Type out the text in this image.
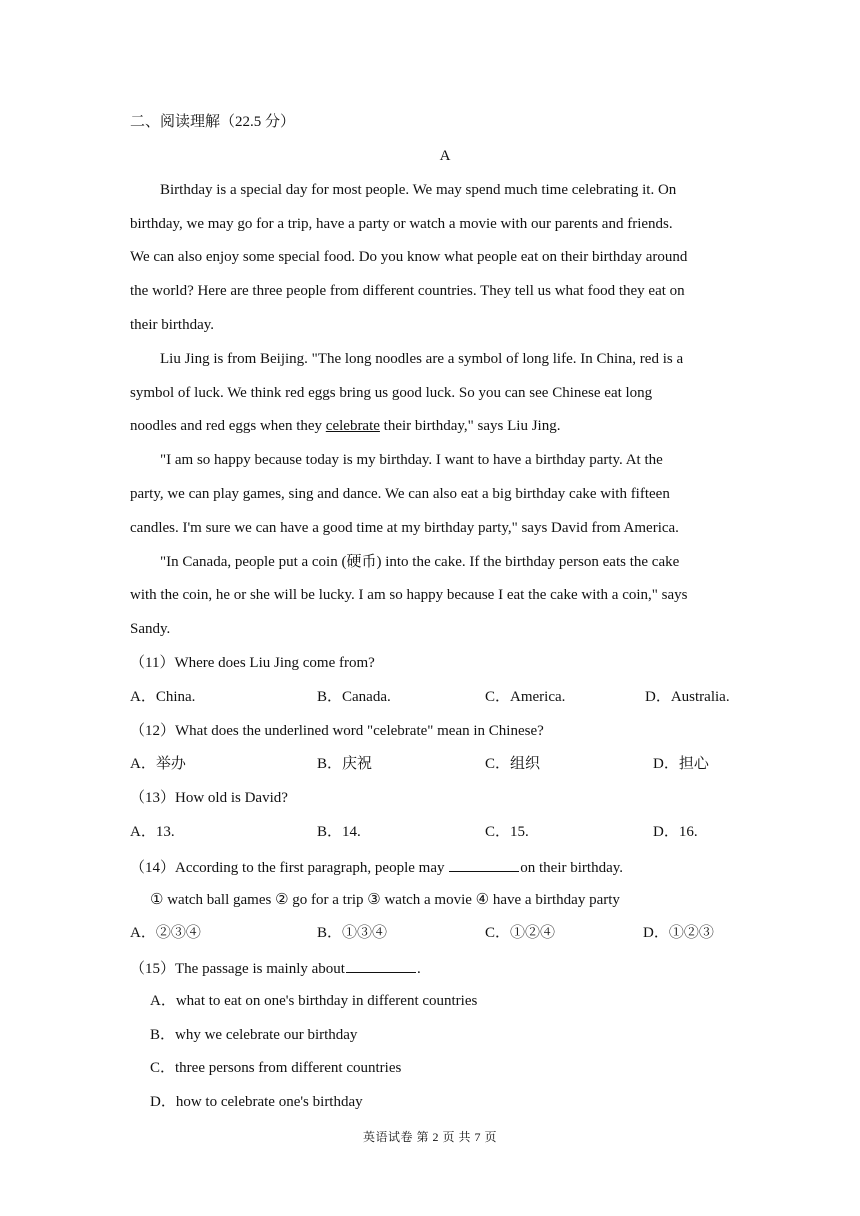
二、阅读理解（22.5 分）
A
Birthday is a special day for most people. We may spend much time celebrating it. On
birthday, we may go for a trip, have a party or watch a movie with our parents and friends.
We can also enjoy some special food. Do you know what people eat on their birthday around
the world? Here are three people from different countries. They tell us what food they eat on
their birthday.
Liu Jing is from Beijing. "The long noodles are a symbol of long life. In China, red is a
symbol of luck. We think red eggs bring us good luck. So you can see Chinese eat long
noodles and red eggs when they celebrate their birthday," says Liu Jing.
"I am so happy because today is my birthday. I want to have a birthday party. At the
party, we can play games, sing and dance. We can also eat a big birthday cake with fifteen
candles. I'm sure we can have a good time at my birthday party," says David from America.
"In Canada, people put a coin (硬币) into the cake. If the birthday person eats the cake
with the coin, he or she will be lucky. I am so happy because I eat the cake with a coin," says
Sandy.
（11）Where does Liu Jing come from?
A．China.	B．Canada.	C．America.	D．Australia.
（12）What does the underlined word "celebrate" mean in Chinese?
A．举办	B．庆祝	C．组织	D．担心
（13）How old is David?
A．13.	B．14.	C．15.	D．16.
（14）According to the first paragraph, people may	on their birthday.
① watch ball games ② go for a trip ③ watch a movie ④ have a birthday party
A．②③④	B．①③④	C．①②④	D．①②③
（15）The passage is mainly about	.
A．what to eat on one's birthday in different countries
B．why we celebrate our birthday
C．three persons from different countries
D．how to celebrate one's birthday
英语试卷 第 2 页 共 7 页
